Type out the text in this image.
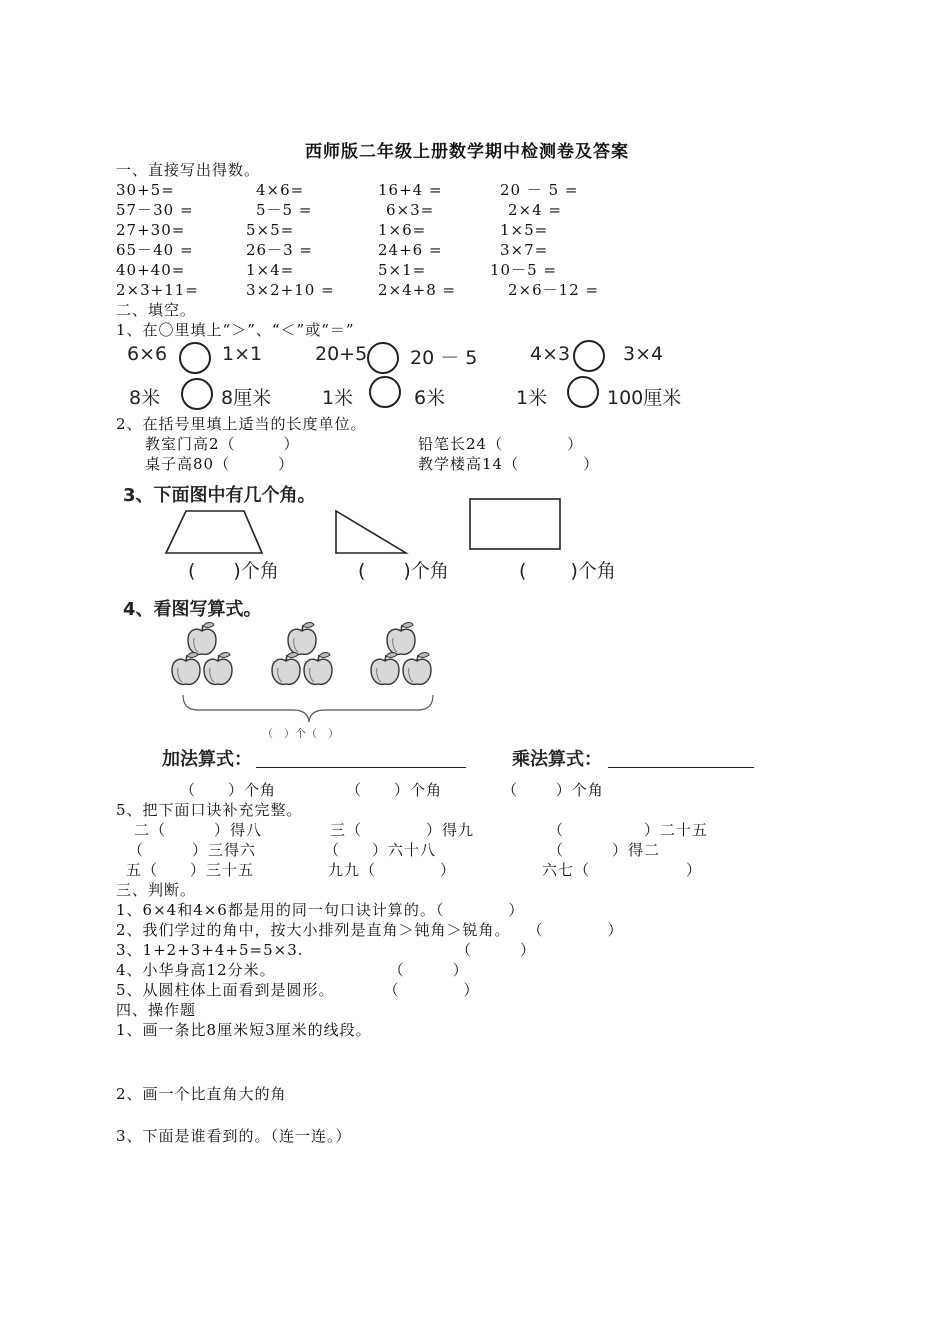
西师版二年级上册数学期中检测卷及答案
一、直接写出得数。
30+5=	4×6=	16+4 =	20 － 5 =
57－30 =	5－5 =	6×3=	2×4 =
27+30=	5×5=	1×6=	1×5=
65－40 =	26－3 =	24+6 =	3×7=
40+40=	1×4=	5×1=	10－5 =
2×3+11=	3×2+10 =	2×4+8 =	2×6－12 =
二、填空。
1、在〇里填上“＞”、“＜”或“＝”
6×6	1×1	20+5 20 － 5	4×3	3×4
8米	8厘米	1米	6米	1米	100厘米
2、在括号里填上适当的长度单位。
教室门高2（　　　）	铅笔长24（　　　　）
桌子高80（　　　）	教学楼高14（　　　　）
3、下面图中有几个角。
(　　)个角	(　　)个角	(　　 )个角
4、看图写算式。
（　）个（　）
加法算式：	乘法算式：
（　　）个角	（　　）个角	（　　 ）个角
5、把下面口诀补充完整。
二（　　　）得八	三（　　　　）得九	（　　　　　）二十五
（　　　）三得六	（　　）六十八	（　　　）得二
五（　　）三十五	九九（　　　　）	六七（　　　　　　）
三、判断。
1、6×4和4×6都是用的同一句口诀计算的。（　　　　）
2、我们学过的角中，按大小排列是直角＞钝角＞锐角。　　（　　　　）
3、1+2+3+4+5=5×3.　　　　　　　　　　（　　　）
4、小华身高12分米。　　　　　　　　（　　　）
5、从圆柱体上面看到是圆形。　　　　（　　　　）
四、操作题
1、画一条比8厘米短3厘米的线段。
2、画一个比直角大的角
3、下面是谁看到的。（连一连。）
